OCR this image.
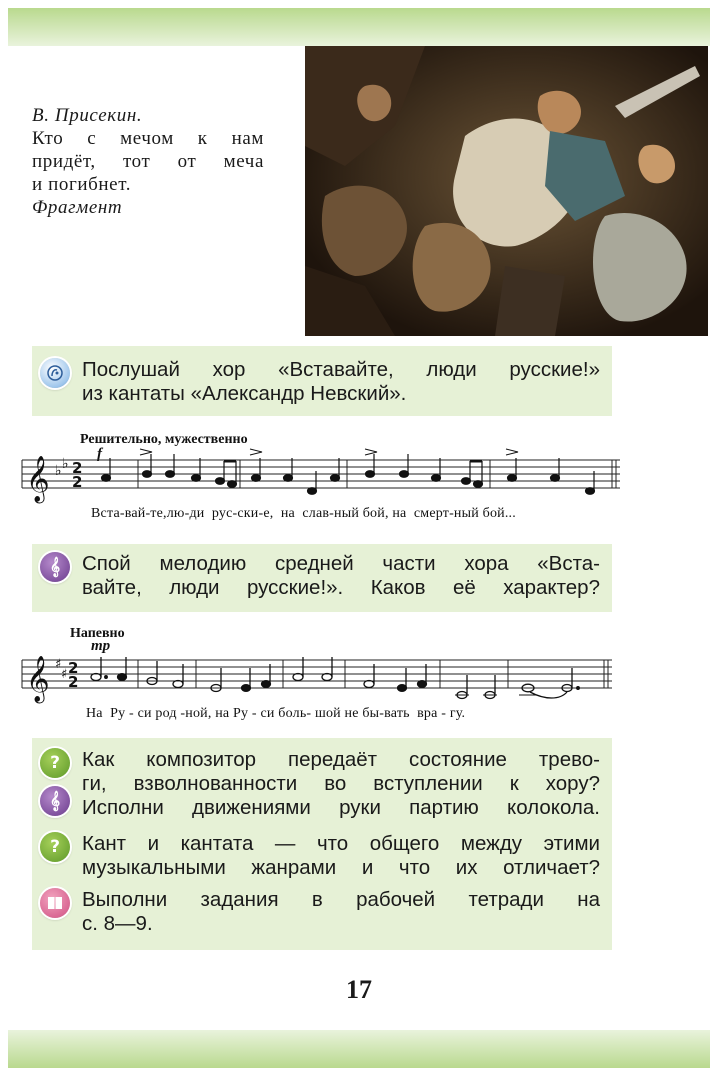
В. Присекин.
Кто с мечом к нам
придёт, тот от меча
и погибнет.
Фрагмент
Послушай хор «Вставайте, люди русские!»
из кантаты «Александр Невский».
Решительно, мужественно
f
𝄞 ♭ ♭ 2
2
Вста-вай-те,лю-ди  рус-ски-е,  на  слав-ный бой, на  смерт-ный бой...
𝄞	Спой мелодию средней части хора «Вста-
вайте, люди русские!». Каков её характер?
Напевно
mp
𝄞 ♯
♯ 2
2
На  Ру - си род -ной, на Ру - си боль- шой не бы-вать  вра - гу.
?
𝄞
?
Как композитор передаёт состояние трево-
ги, взволнованности во вступлении к хору?
Исполни движениями руки партию колокола.
Кант и кантата — что общего между этими
музыкальными жанрами и что их отличает?
Выполни задания в рабочей тетради на
с. 8—9.
17
